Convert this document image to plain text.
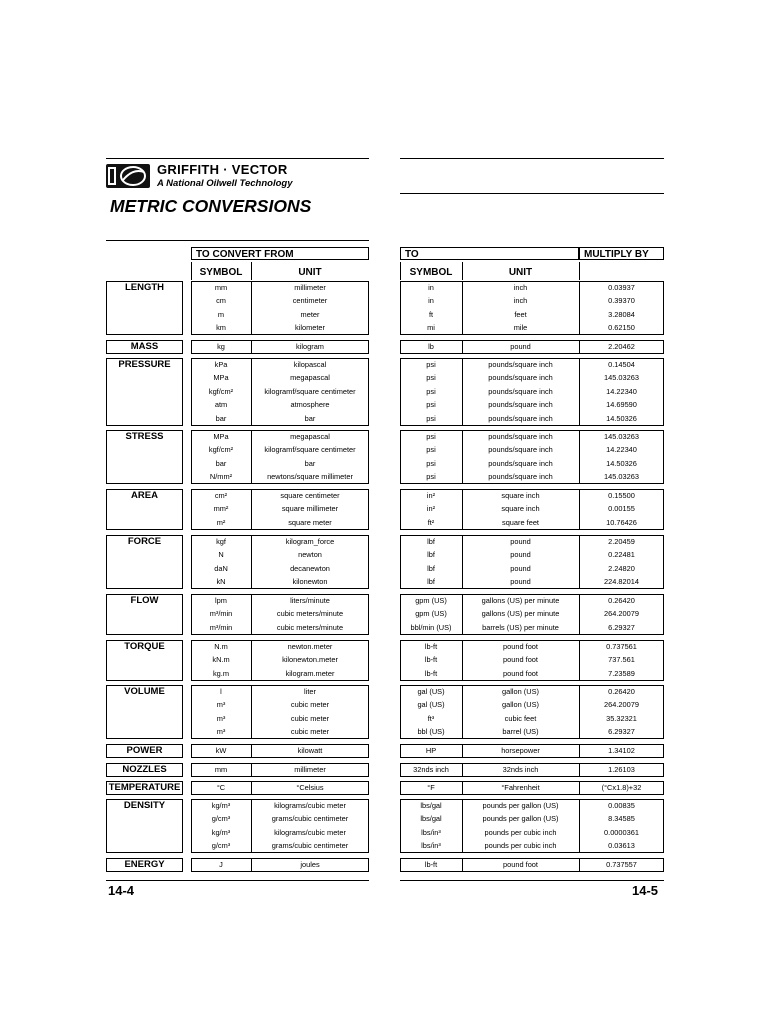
GRIFFITH · VECTOR
A National Oilwell Technology
METRIC CONVERSIONS
TO CONVERT FROM	TO	MULTIPLY BY
SYMBOL	UNIT	SYMBOL	UNIT
LENGTH	mm	millimeter	in	inch	0.03937
cm	centimeter	in	inch	0.39370
m	meter	ft	feet	3.28084
km	kilometer	mi	mile	0.62150
MASS	kg	kilogram	lb	pound	2.20462
PRESSURE	kPa	kilopascal	psi	pounds/square inch	0.14504
MPa	megapascal	psi	pounds/square inch	145.03263
kgf/cm²	kilogramf/square centimeter	psi	pounds/square inch	14.22340
atm	atmosphere	psi	pounds/square inch	14.69590
bar	bar	psi	pounds/square inch	14.50326
STRESS	MPa	megapascal	psi	pounds/square inch	145.03263
kgf/cm²	kilogramf/square centimeter	psi	pounds/square inch	14.22340
bar	bar	psi	pounds/square inch	14.50326
N/mm²	newtons/square millimeter	psi	pounds/square inch	145.03263
AREA	cm²	square centimeter	in²	square inch	0.15500
mm²	square millimeter	in²	square inch	0.00155
m²	square meter	ft²	square feet	10.76426
FORCE	kgf	kilogram_force	lbf	pound	2.20459
N	newton	lbf	pound	0.22481
daN	decanewton	lbf	pound	2.24820
kN	kilonewton	lbf	pound	224.82014
FLOW	lpm	liters/minute	gpm (US)	gallons (US) per minute	0.26420
m³/min	cubic meters/minute	gpm (US)	gallons (US) per minute	264.20079
m³/min	cubic meters/minute	bbl/min (US)	barrels (US) per minute	6.29327
TORQUE	N.m	newton.meter	lb-ft	pound foot	0.737561
kN.m	kilonewton.meter	lb-ft	pound foot	737.561
kg.m	kilogram.meter	lb-ft	pound foot	7.23589
VOLUME	l	liter	gal (US)	gallon (US)	0.26420
m³	cubic meter	gal (US)	gallon (US)	264.20079
m³	cubic meter	ft³	cubic feet	35.32321
m³	cubic meter	bbl (US)	barrel (US)	6.29327
POWER	kW	kilowatt	HP	horsepower	1.34102
NOZZLES	mm	millimeter	32nds inch	32nds inch	1.26103
TEMPERATURE	°C	°Celsius	°F	°Fahrenheit	(°Cx1.8)+32
DENSITY	kg/m³	kilograms/cubic meter	lbs/gal	pounds per gallon (US)	0.00835
g/cm³	grams/cubic centimeter	lbs/gal	pounds per gallon (US)	8.34585
kg/m³	kilograms/cubic meter	lbs/in³	pounds per cubic inch	0.0000361
g/cm³	grams/cubic centimeter	lbs/in³	pounds per cubic inch	0.03613
ENERGY	J	joules	lb-ft	pound foot	0.737557
14-4	14-5
